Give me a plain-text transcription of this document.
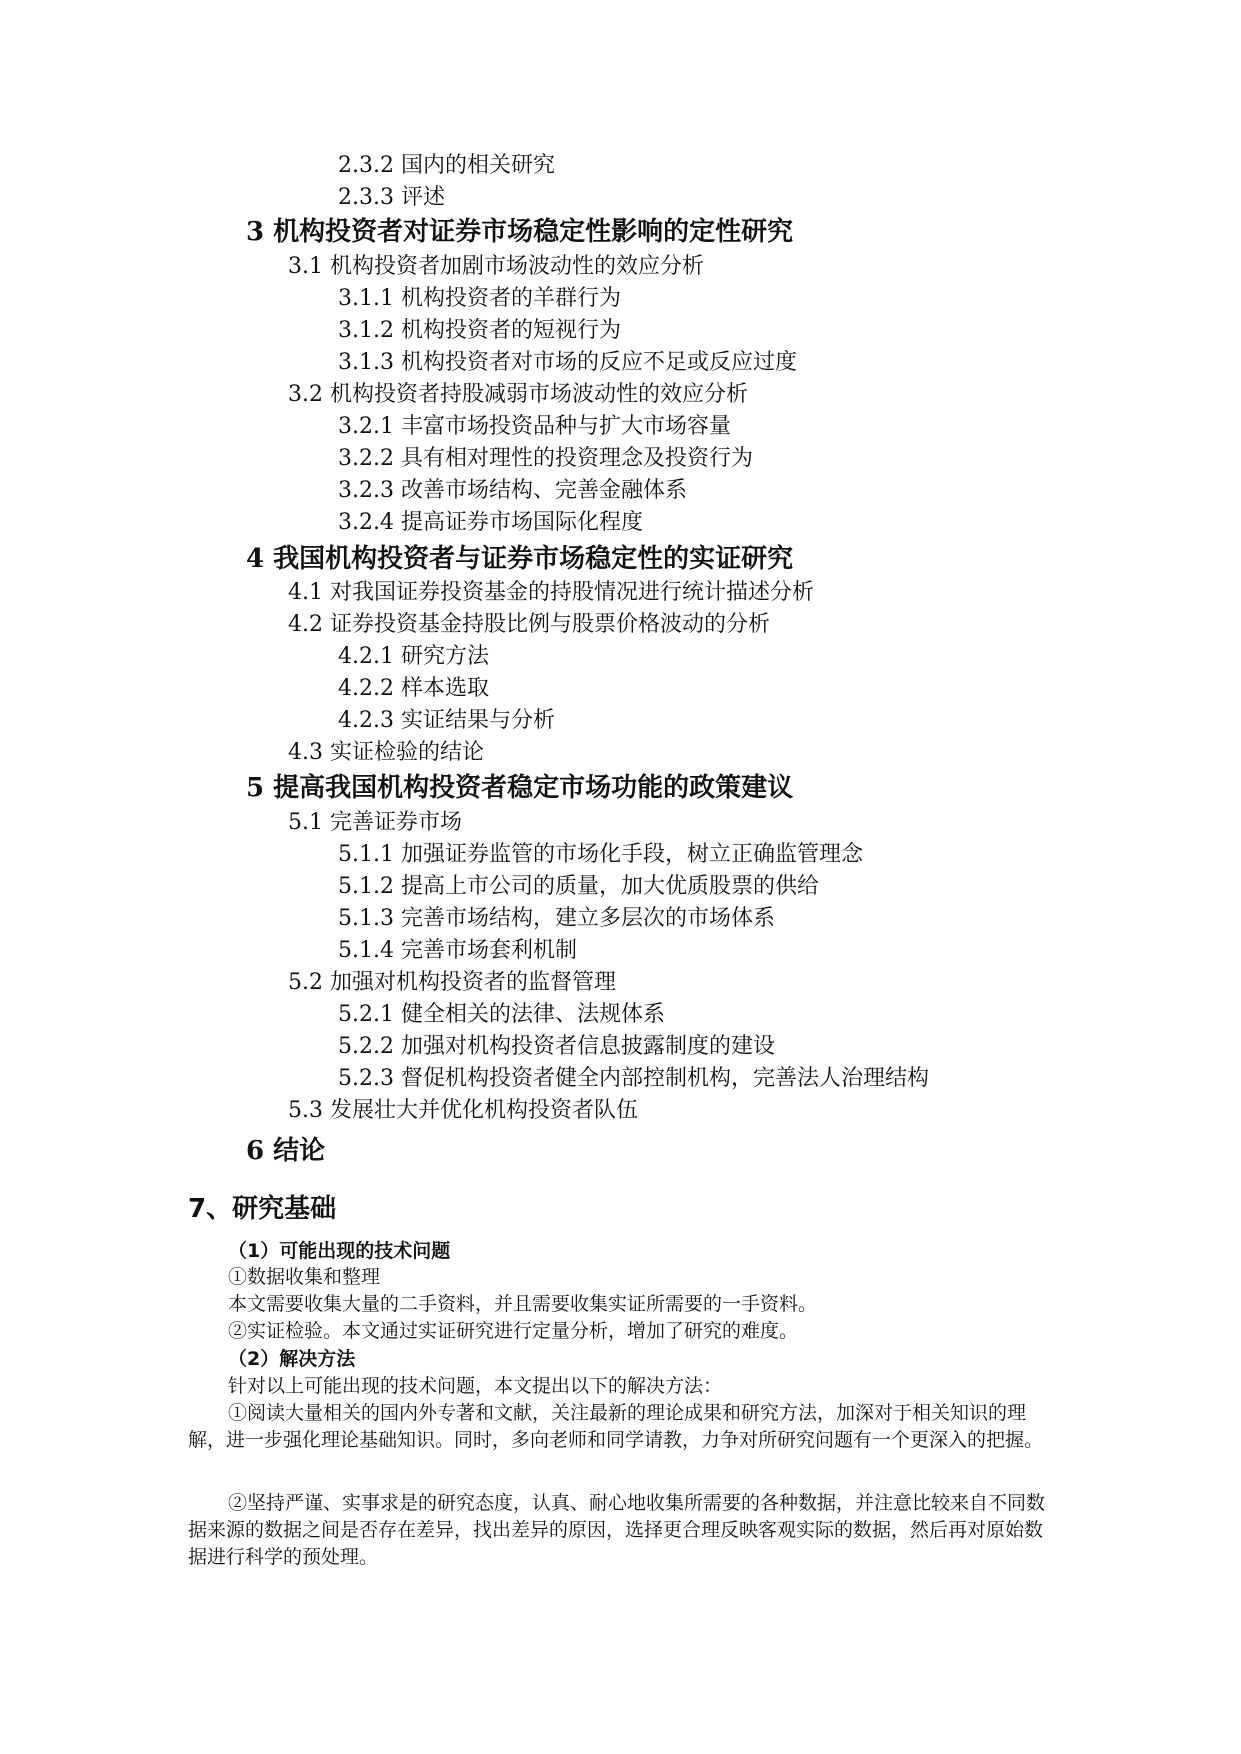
2.3.2 国内的相关研究
2.3.3 评述
3 机构投资者对证券市场稳定性影响的定性研究
3.1 机构投资者加剧市场波动性的效应分析
3.1.1 机构投资者的羊群行为
3.1.2 机构投资者的短视行为
3.1.3 机构投资者对市场的反应不足或反应过度
3.2 机构投资者持股减弱市场波动性的效应分析
3.2.1 丰富市场投资品种与扩大市场容量
3.2.2 具有相对理性的投资理念及投资行为
3.2.3 改善市场结构、完善金融体系
3.2.4 提高证券市场国际化程度
4 我国机构投资者与证券市场稳定性的实证研究
4.1 对我国证券投资基金的持股情况进行统计描述分析
4.2 证券投资基金持股比例与股票价格波动的分析
4.2.1 研究方法
4.2.2 样本选取
4.2.3 实证结果与分析
4.3 实证检验的结论
5 提高我国机构投资者稳定市场功能的政策建议
5.1 完善证券市场
5.1.1 加强证券监管的市场化手段，树立正确监管理念
5.1.2 提高上市公司的质量，加大优质股票的供给
5.1.3 完善市场结构，建立多层次的市场体系
5.1.4 完善市场套利机制
5.2 加强对机构投资者的监督管理
5.2.1 健全相关的法律、法规体系
5.2.2 加强对机构投资者信息披露制度的建设
5.2.3 督促机构投资者健全内部控制机构，完善法人治理结构
5.3 发展壮大并优化机构投资者队伍
6 结论
7、研究基础
（1）可能出现的技术问题
①数据收集和整理
本文需要收集大量的二手资料，并且需要收集实证所需要的一手资料。
②实证检验。本文通过实证研究进行定量分析，增加了研究的难度。
（2）解决方法
针对以上可能出现的技术问题，本文提出以下的解决方法：
①阅读大量相关的国内外专著和文献，关注最新的理论成果和研究方法，加深对于相关知识的理解，进一步强化理论基础知识。同时，多向老师和同学请教，力争对所研究问题有一个更深入的把握。
②坚持严谨、实事求是的研究态度，认真、耐心地收集所需要的各种数据，并注意比较来自不同数据来源的数据之间是否存在差异，找出差异的原因，选择更合理反映客观实际的数据，然后再对原始数据进行科学的预处理。
